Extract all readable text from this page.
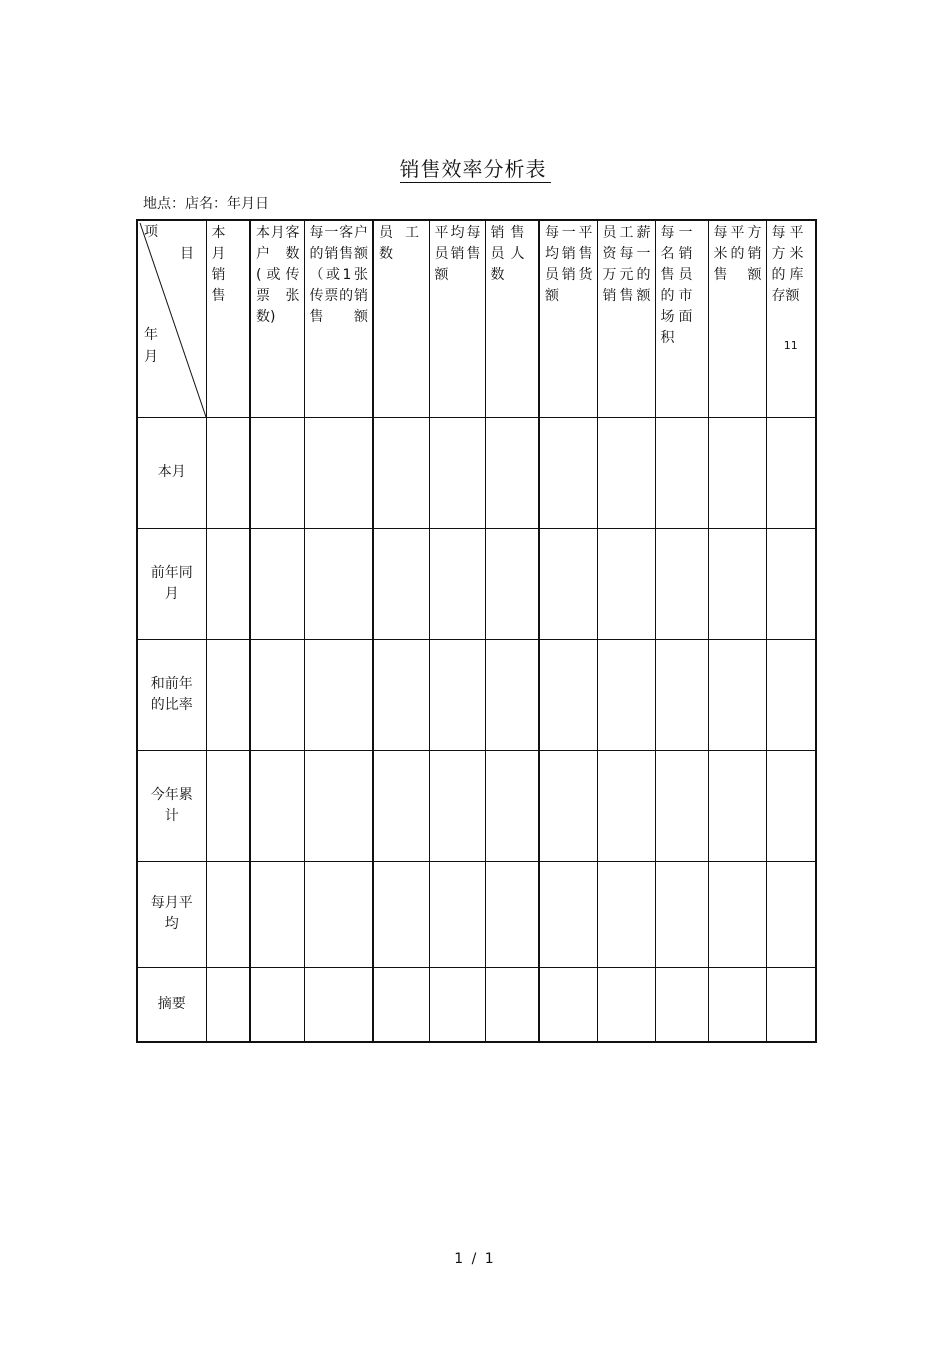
销售效率分析表
地点：店名：年月日
项
目
年
月	本月销售	本月客户数(或传票张数)	每一客户的销售额（或1张传票的销售额	员工数	平均每员销售额	销售员人数	每一平均销售员销货额	员工薪资每一万元的销售额	每一名销售员的市场面积	每平方米的销售额	每平方米的库存额
11

本月											
前年同月											
和前年的比率											
今年累计											
每月平均											
摘要											
1 / 1
